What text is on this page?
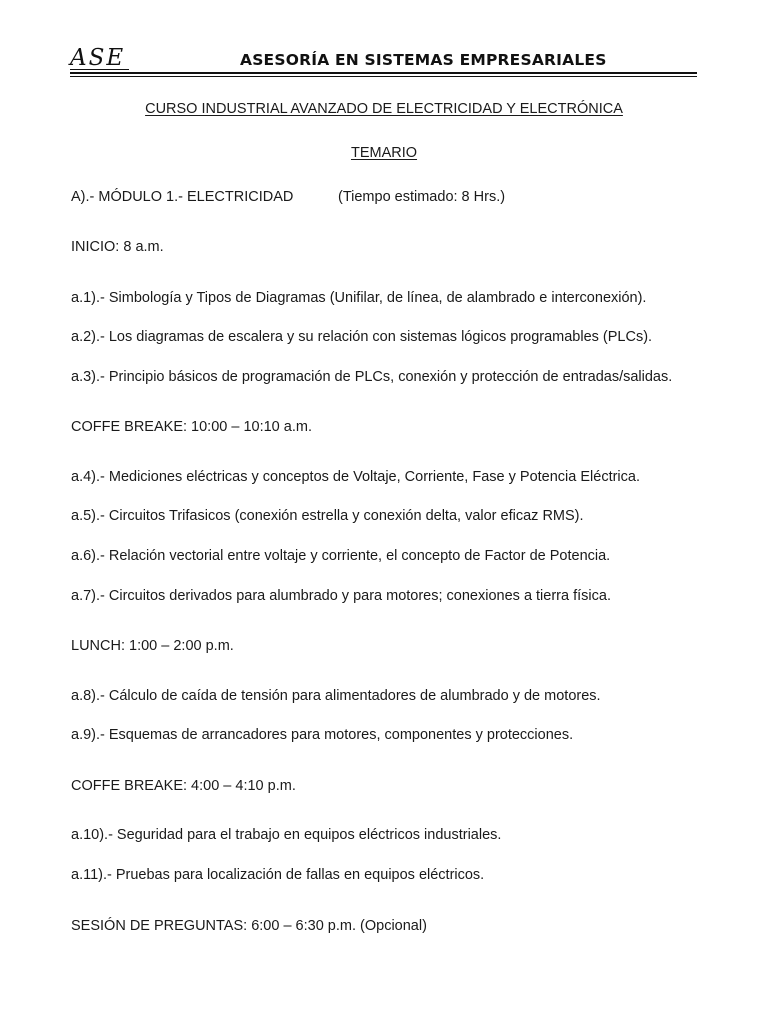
ASE	ASESORÍA EN SISTEMAS EMPRESARIALES
CURSO INDUSTRIAL AVANZADO DE ELECTRICIDAD Y ELECTRÓNICA
TEMARIO
A).- MÓDULO 1.- ELECTRICIDAD	(Tiempo estimado: 8 Hrs.)
INICIO: 8 a.m.
a.1).- Simbología y Tipos de Diagramas (Unifilar, de línea, de alambrado e interconexión).
a.2).- Los diagramas de escalera y su relación con sistemas lógicos programables (PLCs).
a.3).- Principio básicos de programación de PLCs, conexión y protección de entradas/salidas.
COFFE BREAKE: 10:00 – 10:10 a.m.
a.4).- Mediciones eléctricas y conceptos de Voltaje, Corriente, Fase y Potencia Eléctrica.
a.5).- Circuitos Trifasicos (conexión estrella y conexión delta, valor eficaz RMS).
a.6).- Relación vectorial entre voltaje y corriente, el concepto de Factor de Potencia.
a.7).- Circuitos derivados para alumbrado y para motores; conexiones a tierra física.
LUNCH: 1:00 – 2:00 p.m.
a.8).- Cálculo de caída de tensión para alimentadores de alumbrado y de motores.
a.9).- Esquemas de arrancadores para motores, componentes y protecciones.
COFFE BREAKE: 4:00 – 4:10 p.m.
a.10).- Seguridad para el trabajo en equipos eléctricos industriales.
a.11).- Pruebas para localización de fallas en equipos eléctricos.
SESIÓN DE PREGUNTAS: 6:00 – 6:30 p.m. (Opcional)
